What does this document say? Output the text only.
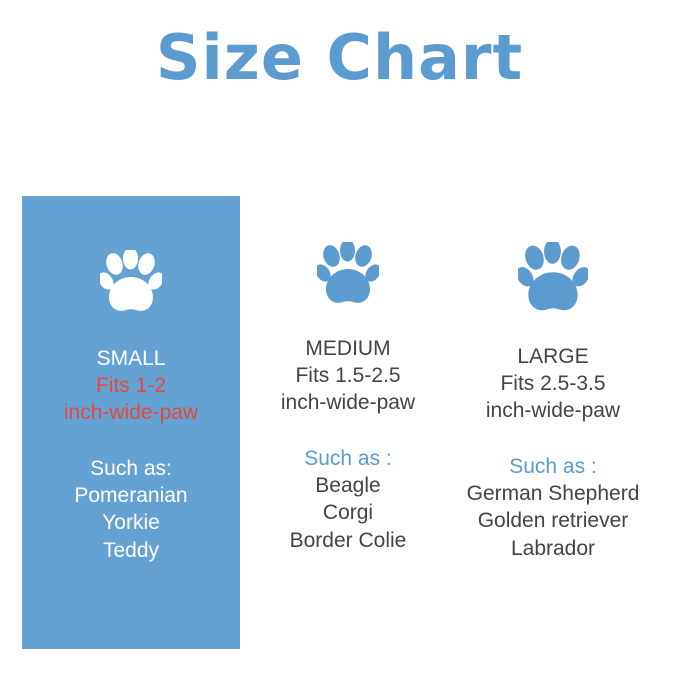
Size Chart
SMALL
Fits 1-2
inch-wide-paw
Such as:
Pomeranian
Yorkie
Teddy
MEDIUM
Fits 1.5-2.5
inch-wide-paw
Such as :
Beagle
Corgi
Border Colie
LARGE
Fits 2.5-3.5
inch-wide-paw
Such as :
German Shepherd
Golden retriever
Labrador
